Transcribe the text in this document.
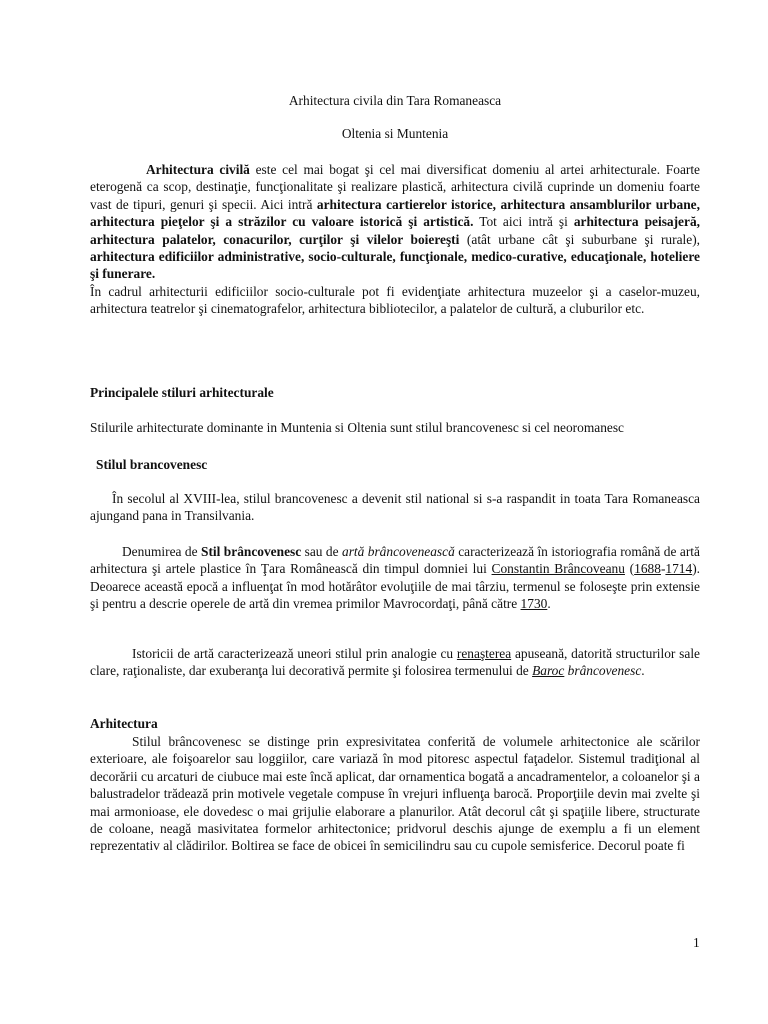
Arhitectura civila din Tara Romaneasca

Oltenia si Muntenia

Arhitectura civilă este cel mai bogat şi cel mai diversificat domeniu al artei arhitecturale. Foarte eterogenă ca scop, destinaţie, funcţionalitate şi realizare plastică, arhitectura civilă cuprinde un domeniu foarte vast de tipuri, genuri şi specii. Aici intră arhitectura cartierelor istorice, arhitectura ansamblurilor urbane, arhitectura pieţelor şi a străzilor cu valoare istorică şi artistică. Tot aici intră şi arhitectura peisajeră, arhitectura palatelor, conacurilor, curţilor şi vilelor boiereşti (atât urbane cât şi suburbane şi rurale), arhitectura edificiilor administrative, socio-culturale, funcţionale, medico-curative, educaţionale, hoteliere şi funerare.
În cadrul arhitecturii edificiilor socio-culturale pot fi evidenţiate arhitectura muzeelor şi a caselor-muzeu, arhitectura teatrelor şi cinematografelor, arhitectura bibliotecilor, a palatelor de cultură, a cluburilor etc.

Principalele stiluri arhitecturale

Stilurile arhitecturate dominante in Muntenia si Oltenia sunt stilul brancovenesc si cel neoromanesc

Stilul brancovenesc

În secolul al XVIII-lea, stilul brancovenesc a devenit stil national si s-a raspandit in toata Tara Romaneasca ajungand pana in Transilvania.
Denumirea de Stil brâncovenesc sau de artă brâncovenească caracterizează în istoriografia română de artă arhitectura şi artele plastice în Ţara Românească din timpul domniei lui Constantin Brâncoveanu (1688-1714). Deoarece această epocă a influenţat în mod hotărâtor evoluţiile de mai târziu, termenul se foloseşte prin extensie şi pentru a descrie operele de artă din vremea primilor Mavrocordaţi, până către 1730.
Istoricii de artă caracterizează uneori stilul prin analogie cu renaşterea apuseană, datorită structurilor sale clare, raţionaliste, dar exuberanţa lui decorativă permite şi folosirea termenului de Baroc brâncovenesc.

Arhitectura

Stilul brâncovenesc se distinge prin expresivitatea conferită de volumele arhitectonice ale scărilor exterioare, ale foişoarelor sau loggiilor, care variază în mod pitoresc aspectul faţadelor. Sistemul tradiţional al decorării cu arcaturi de ciubuce mai este încă aplicat, dar ornamentica bogată a ancadramentelor, a coloanelor şi a balustradelor trădează prin motivele vegetale compuse în vrejuri influenţa barocă. Proporţiile devin mai zvelte şi mai armonioase, ele dovedesc o mai grijulie elaborare a planurilor. Atât decorul cât şi spaţiile libere, structurate de coloane, neagă masivitatea formelor arhitectonice; pridvorul deschis ajunge de exemplu a fi un element reprezentativ al clădirilor. Boltirea se face de obicei în semicilindru sau cu cupole semisferice. Decorul poate fi
1
